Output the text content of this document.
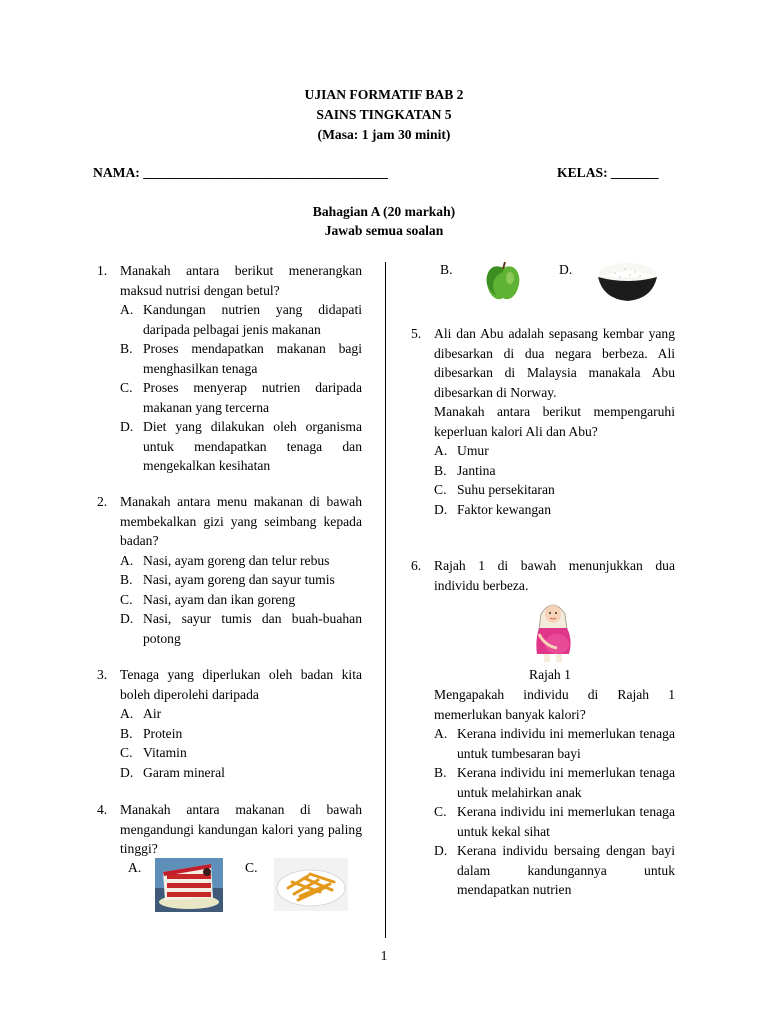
UJIAN FORMATIF BAB 2
SAINS TINGKATAN 5
(Masa: 1 jam 30 minit)
NAMA: ____________________________________	KELAS: _______
Bahagian A (20 markah)
Jawab semua soalan
1. Manakah antara berikut menerangkan maksud nutrisi dengan betul?
A. Kandungan nutrien yang didapati daripada pelbagai jenis makanan
B. Proses mendapatkan makanan bagi menghasilkan tenaga
C. Proses menyerap nutrien daripada makanan yang tercerna
D. Diet yang dilakukan oleh organisma untuk mendapatkan tenaga dan mengekalkan kesihatan
2. Manakah antara menu makanan di bawah membekalkan gizi yang seimbang kepada badan?
A. Nasi, ayam goreng dan telur rebus
B. Nasi, ayam goreng dan sayur tumis
C. Nasi, ayam dan ikan goreng
D. Nasi, sayur tumis dan buah-buahan potong
3. Tenaga yang diperlukan oleh badan kita boleh diperolehi daripada
A. Air
B. Protein
C. Vitamin
D. Garam mineral
4. Manakah antara makanan di bawah mengandungi kandungan kalori yang paling tinggi?
A.	C.
B.	D.
5. Ali dan Abu adalah sepasang kembar yang dibesarkan di dua negara berbeza. Ali dibesarkan di Malaysia manakala Abu dibesarkan di Norway.
Manakah antara berikut mempengaruhi keperluan kalori Ali dan Abu?
A. Umur
B. Jantina
C. Suhu persekitaran
D. Faktor kewangan
6. Rajah 1 di bawah menunjukkan dua individu berbeza.
Rajah 1
Mengapakah individu di Rajah 1 memerlukan banyak kalori?
A. Kerana individu ini memerlukan tenaga untuk tumbesaran bayi
B. Kerana individu ini memerlukan tenaga untuk melahirkan anak
C. Kerana individu ini memerlukan tenaga untuk kekal sihat
D. Kerana individu bersaing dengan bayi dalam kandungannya untuk mendapatkan nutrien
1
